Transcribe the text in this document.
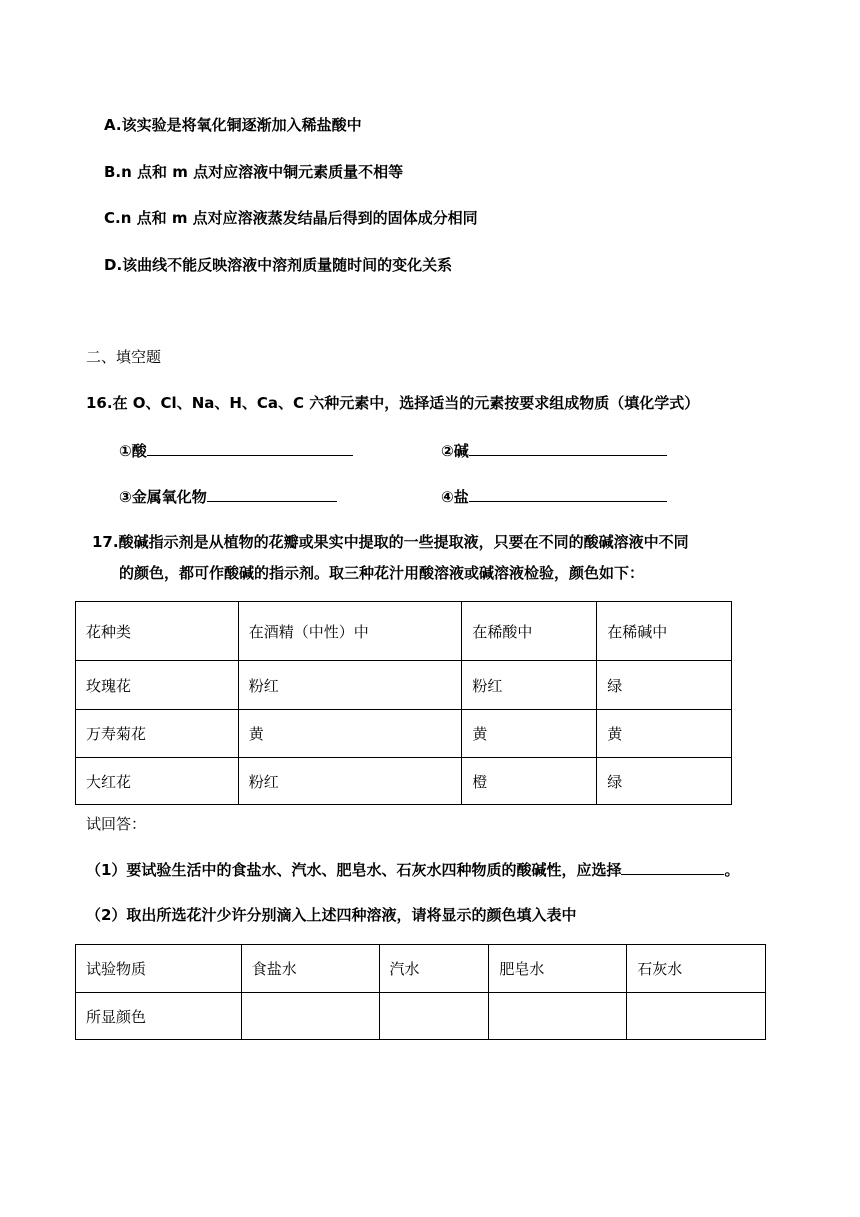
A.该实验是将氧化铜逐渐加入稀盐酸中
B.n 点和 m 点对应溶液中铜元素质量不相等
C.n 点和 m 点对应溶液蒸发结晶后得到的固体成分相同
D.该曲线不能反映溶液中溶剂质量随时间的变化关系
二、填空题
16.在 O、Cl、Na、H、Ca、C 六种元素中，选择适当的元素按要求组成物质（填化学式）
①酸	②碱
③金属氧化物	④盐
17.酸碱指示剂是从植物的花瓣或果实中提取的一些提取液，只要在不同的酸碱溶液中不同
的颜色，都可作酸碱的指示剂。取三种花汁用酸溶液或碱溶液检验，颜色如下：
花种类	在酒精（中性）中	在稀酸中	在稀碱中
玫瑰花	粉红	粉红	绿
万寿菊花	黄	黄	黄
大红花	粉红	橙	绿
试回答：
（1）要试验生活中的食盐水、汽水、肥皂水、石灰水四种物质的酸碱性，应选择	。
（2）取出所选花汁少许分别滴入上述四种溶液，请将显示的颜色填入表中
试验物质	食盐水	汽水	肥皂水	石灰水
所显颜色				
